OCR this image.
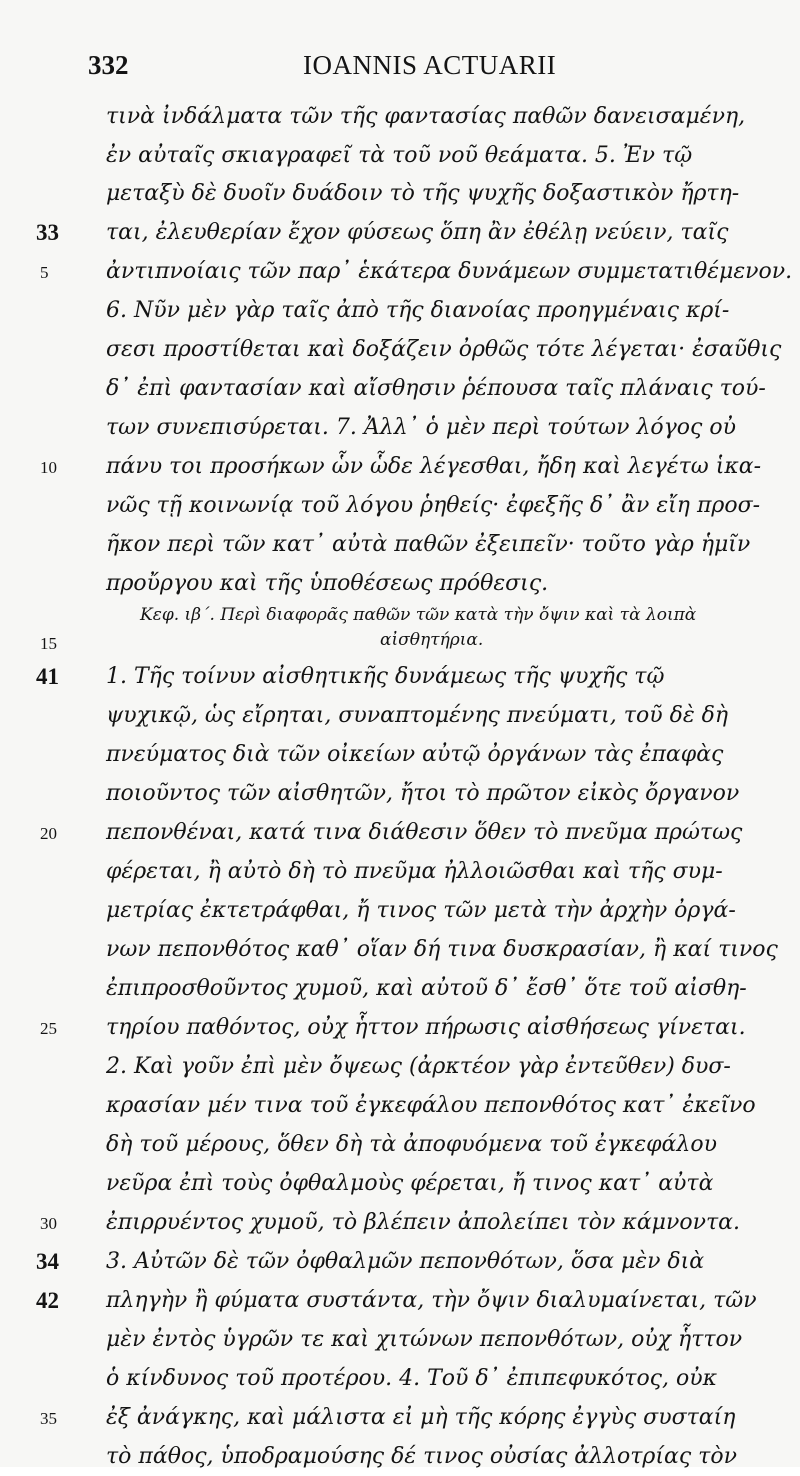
332	IOANNIS ACTUARII
τινὰ ἰνδάλματα τῶν τῆς φαντασίας παθῶν δανεισαμένη,
ἐν αὐταῖς σκιαγραφεῖ τὰ τοῦ νοῦ θεάματα. 5. Ἐν τῷ
μεταξὺ δὲ δυοῖν δυάδοιν τὸ τῆς ψυχῆς δοξαστικὸν ἤρτη-
33 ται, ἐλευθερίαν ἔχον φύσεως ὅπη ἂν ἐθέλῃ νεύειν, ταῖς
5	ἀντιπνοίαις τῶν παρ᾽ ἑκάτερα δυνάμεων συμμετατιθέμενον.
6. Νῦν μὲν γὰρ ταῖς ἀπὸ τῆς διανοίας προηγμέναις κρί-
σεσι προστίθεται καὶ δοξάζειν ὀρθῶς τότε λέγεται· ἐσαῦθις
δ᾽ ἐπὶ φαντασίαν καὶ αἴσθησιν ῥέπουσα ταῖς πλάναις τού-
των συνεπισύρεται. 7. Ἀλλ᾽ ὁ μὲν περὶ τούτων λόγος οὐ
10 πάνυ τοι προσήκων ὧν ὧδε λέγεσθαι, ἤδη καὶ λεγέτω ἱκα-
νῶς τῇ κοινωνίᾳ τοῦ λόγου ῥηθείς· ἐφεξῆς δ᾽ ἂν εἴη προσ-
ῆκον περὶ τῶν κατ᾽ αὐτὰ παθῶν ἐξειπεῖν· τοῦτο γὰρ ἡμῖν
προὔργου καὶ τῆς ὑποθέσεως πρόθεσις.
Κεφ. ιβ΄. Περὶ διαφορᾶς παθῶν τῶν κατὰ τὴν ὄψιν καὶ τὰ λοιπὰ
15	αἰσθητήρια.
41 1. Τῆς τοίνυν αἰσθητικῆς δυνάμεως τῆς ψυχῆς τῷ
ψυχικῷ, ὡς εἴρηται, συναπτομένης πνεύματι, τοῦ δὲ δὴ
πνεύματος διὰ τῶν οἰκείων αὐτῷ ὀργάνων τὰς ἐπαφὰς
ποιοῦντος τῶν αἰσθητῶν, ἤτοι τὸ πρῶτον εἰκὸς ὄργανον
20 πεπονθέναι, κατά τινα διάθεσιν ὅθεν τὸ πνεῦμα πρώτως
φέρεται, ἢ αὐτὸ δὴ τὸ πνεῦμα ἠλλοιῶσθαι καὶ τῆς συμ-
μετρίας ἐκτετράφθαι, ἤ τινος τῶν μετὰ τὴν ἀρχὴν ὀργά-
νων πεπονθότος καθ᾽ οἵαν δή τινα δυσκρασίαν, ἢ καί τινος
ἐπιπροσθοῦντος χυμοῦ, καὶ αὐτοῦ δ᾽ ἔσθ᾽ ὅτε τοῦ αἰσθη-
25 τηρίου παθόντος, οὐχ ἧττον πήρωσις αἰσθήσεως γίνεται.
2. Καὶ γοῦν ἐπὶ μὲν ὄψεως (ἀρκτέον γὰρ ἐντεῦθεν) δυσ-
κρασίαν μέν τινα τοῦ ἐγκεφάλου πεπονθότος κατ᾽ ἐκεῖνο
δὴ τοῦ μέρους, ὅθεν δὴ τὰ ἀποφυόμενα τοῦ ἐγκεφάλου
νεῦρα ἐπὶ τοὺς ὀφθαλμοὺς φέρεται, ἤ τινος κατ᾽ αὐτὰ
30 ἐπιρρυέντος χυμοῦ, τὸ βλέπειν ἀπολείπει τὸν κάμνοντα.
34 3. Αὐτῶν δὲ τῶν ὀφθαλμῶν πεπονθότων, ὅσα μὲν διὰ
42 πληγὴν ἢ φύματα συστάντα, τὴν ὄψιν διαλυμαίνεται, τῶν
μὲν ἐντὸς ὑγρῶν τε καὶ χιτώνων πεπονθότων, οὐχ ἧττον
ὁ κίνδυνος τοῦ προτέρου. 4. Τοῦ δ᾽ ἐπιπεφυκότος, οὐκ
35 ἐξ ἀνάγκης, καὶ μάλιστα εἰ μὴ τῆς κόρης ἐγγὺς συσταίη
τὸ πάθος, ὑποδραμούσης δέ τινος οὐσίας ἀλλοτρίας τὸν
